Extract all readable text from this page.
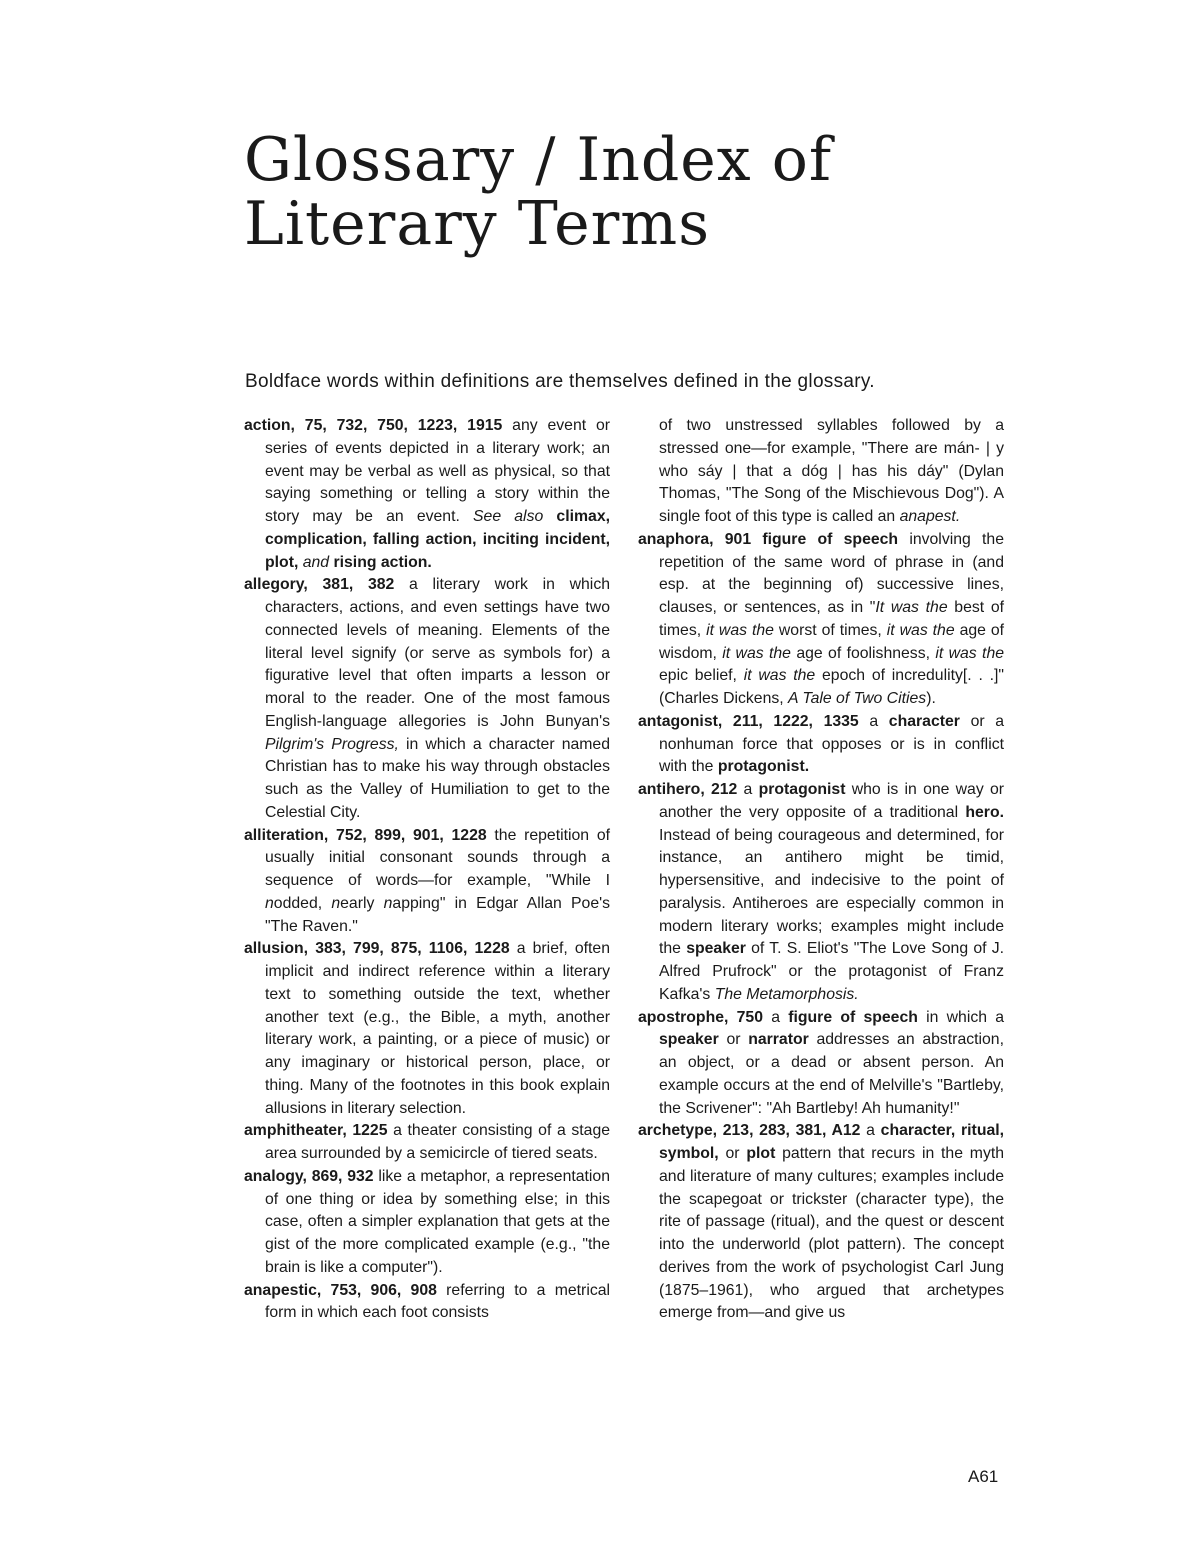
Glossary / Index of
Literary Terms

Boldface words within definitions are themselves defined in the glossary.

action, 75, 732, 750, 1223, 1915 any event or series of events depicted in a literary work; an event may be verbal as well as physical, so that saying something or telling a story within the story may be an event. See also climax, complication, falling action, inciting incident, plot, and rising action.

allegory, 381, 382 a literary work in which characters, actions, and even settings have two connected levels of meaning. Elements of the literal level signify (or serve as symbols for) a figurative level that often imparts a lesson or moral to the reader. One of the most famous English-language allegories is John Bunyan's Pilgrim's Progress, in which a character named Christian has to make his way through obstacles such as the Valley of Humiliation to get to the Celestial City.

alliteration, 752, 899, 901, 1228 the repetition of usually initial consonant sounds through a sequence of words—for example, "While I nodded, nearly napping" in Edgar Allan Poe's "The Raven."

allusion, 383, 799, 875, 1106, 1228 a brief, often implicit and indirect reference within a literary text to something outside the text, whether another text (e.g., the Bible, a myth, another literary work, a painting, or a piece of music) or any imaginary or historical person, place, or thing. Many of the footnotes in this book explain allusions in literary selection.

amphitheater, 1225 a theater consisting of a stage area surrounded by a semicircle of tiered seats.

analogy, 869, 932 like a metaphor, a representation of one thing or idea by something else; in this case, often a simpler explanation that gets at the gist of the more complicated example (e.g., "the brain is like a computer").

anapestic, 753, 906, 908 referring to a metrical form in which each foot consists

of two unstressed syllables followed by a stressed one—for example, "There are mán- | y who sáy | that a dóg | has his dáy" (Dylan Thomas, "The Song of the Mischievous Dog"). A single foot of this type is called an anapest.

anaphora, 901 figure of speech involving the repetition of the same word of phrase in (and esp. at the beginning of) successive lines, clauses, or sentences, as in "It was the best of times, it was the worst of times, it was the age of wisdom, it was the age of foolishness, it was the epic belief, it was the epoch of incredulity[. . .]" (Charles Dickens, A Tale of Two Cities).

antagonist, 211, 1222, 1335 a character or a nonhuman force that opposes or is in conflict with the protagonist.

antihero, 212 a protagonist who is in one way or another the very opposite of a traditional hero. Instead of being courageous and determined, for instance, an antihero might be timid, hypersensitive, and indecisive to the point of paralysis. Antiheroes are especially common in modern literary works; examples might include the speaker of T. S. Eliot's "The Love Song of J. Alfred Prufrock" or the protagonist of Franz Kafka's The Metamorphosis.

apostrophe, 750 a figure of speech in which a speaker or narrator addresses an abstraction, an object, or a dead or absent person. An example occurs at the end of Melville's "Bartleby, the Scrivener": "Ah Bartleby! Ah humanity!"

archetype, 213, 283, 381, A12 a character, ritual, symbol, or plot pattern that recurs in the myth and literature of many cultures; examples include the scapegoat or trickster (character type), the rite of passage (ritual), and the quest or descent into the underworld (plot pattern). The concept derives from the work of psychologist Carl Jung (1875–1961), who argued that archetypes emerge from—and give us

A61
